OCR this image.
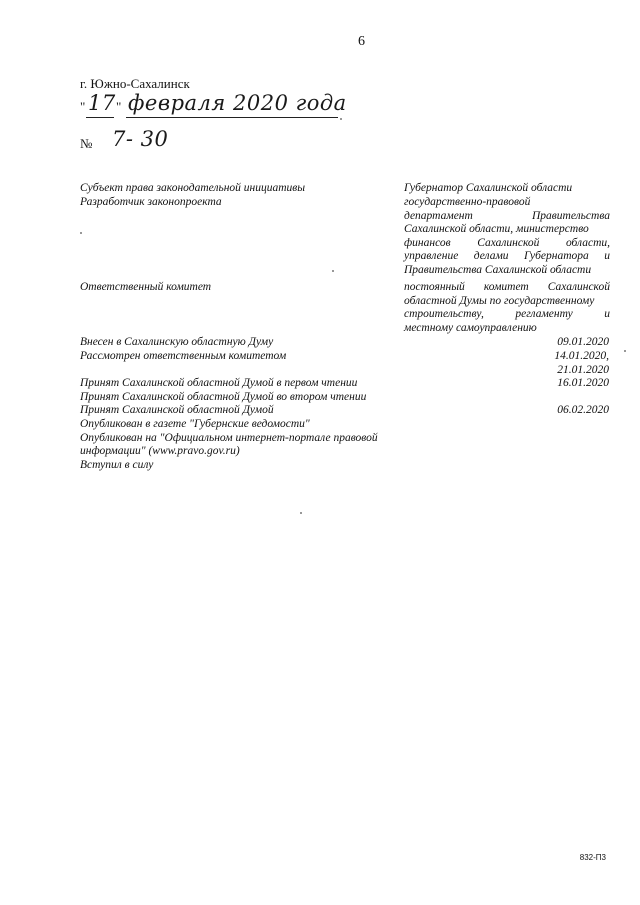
6
г. Южно-Сахалинск
" 17 " февраля 2020 года
№ 7- 30
Субъект права законодательной инициативы
Разработчик законопроекта
Ответственный комитет
Внесен в Сахалинскую областную Думу
Рассмотрен ответственным комитетом
Принят Сахалинской областной Думой в первом чтении
Принят Сахалинской областной Думой во втором чтении
Принят Сахалинской областной Думой
Опубликован в газете "Губернские ведомости"
Опубликован на "Официальном интернет-портале правовой
информации" (www.pravo.gov.ru)
Вступил в силу
Губернатор Сахалинской области
государственно-правовой
департамент Правительства
Сахалинской области, министерство
финансов Сахалинской области,
управление делами Губернатора и
Правительства Сахалинской области
постоянный комитет Сахалинской
областной Думы по государственному
строительству, регламенту и
местному самоуправлению
09.01.2020
14.01.2020,
21.01.2020
16.01.2020
06.02.2020
832-П3
